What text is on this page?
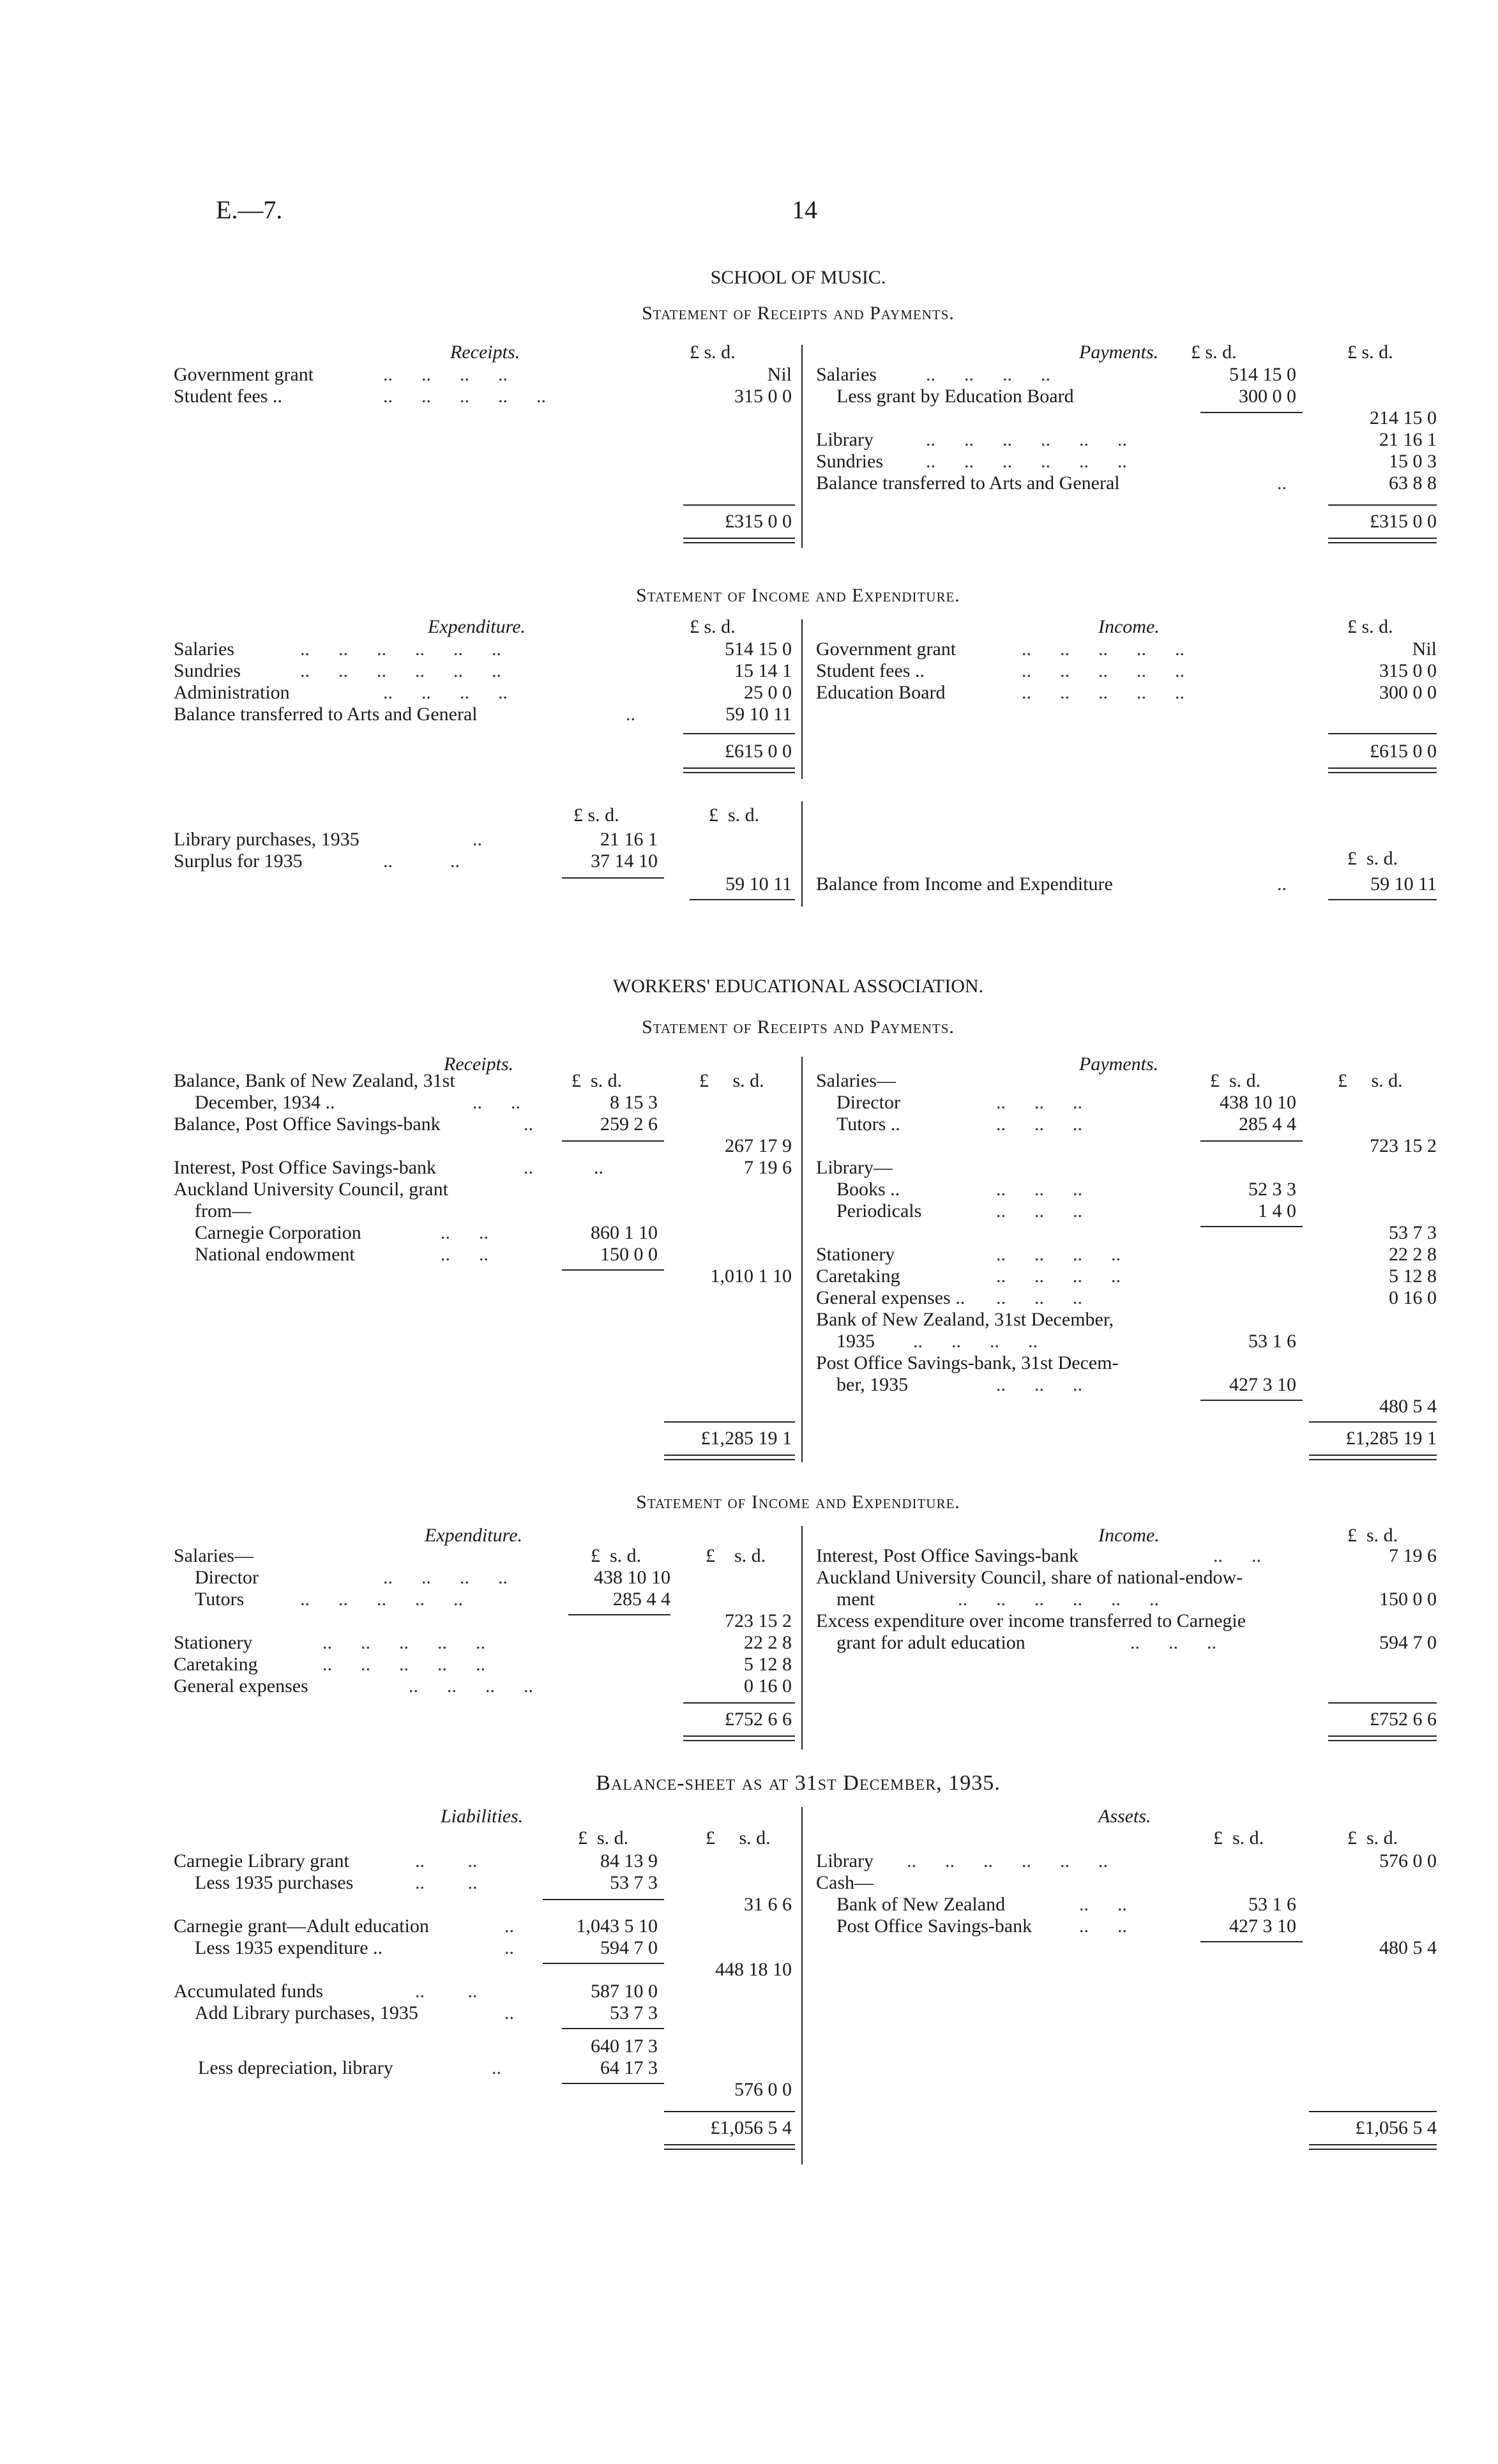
E.—7.	14
SCHOOL OF MUSIC.
Statement of Receipts and Payments.
Receipts.	£ s. d.	Payments. £ s. d.	£ s. d.
Government grant	..      ..      ..      ..	Nil
Student fees ..	..      ..      ..      ..      ..	315 0 0
Salaries	..      ..      ..      ..	514 15 0
Less grant by Education Board	300 0 0
214 15 0
Library	..      ..      ..      ..      ..      ..	21 16 1
Sundries ..      ..      ..      ..      ..      ..	15 0 3
Balance transferred to Arts and General	..	63 8 8
£315 0 0	£315 0 0
Statement of Income and Expenditure.
Expenditure.	£ s. d.	Income.	£ s. d.
Salaries	..      ..      ..      ..      ..      ..	514 15 0
Sundries	..      ..      ..      ..      ..      ..	15 14 1
Administration	..      ..      ..      ..	25 0 0
Balance transferred to Arts and General	..	59 10 11
Government grant	..      ..      ..      ..      ..	Nil
Student fees ..	..      ..      ..      ..      ..	315 0 0
Education Board	..      ..      ..      ..      ..	300 0 0
£615 0 0	£615 0 0
£ s. d.	£  s. d.
Library purchases, 1935	..	21 16 1
Surplus for 1935	..            ..	37 14 10
59 10 11
£  s. d.
Balance from Income and Expenditure	..	59 10 11
WORKERS' EDUCATIONAL ASSOCIATION.
Statement of Receipts and Payments.
Receipts.	Payments.
£  s. d.	£     s. d.	£  s. d.	£     s. d.
Balance, Bank of New Zealand, 31st
December, 1934 ..	..      ..	8 15 3
Balance, Post Office Savings-bank	..	259 2 6
267 17 9
Interest, Post Office Savings-bank	..	..	7 19 6
Auckland University Council, grant
from—
Carnegie Corporation	..      ..	860 1 10
National endowment	..      ..	150 0 0
1,010 1 10
Salaries—
Director	..      ..      ..	438 10 10
Tutors ..	..      ..      ..	285 4 4
723 15 2
Library—
Books ..	..      ..      ..	52 3 3
Periodicals	..      ..      ..	1 4 0
53 7 3
Stationery	..      ..      ..      ..	22 2 8
Caretaking	..      ..      ..      ..	5 12 8
General expenses .. ..      ..      ..	0 16 0
Bank of New Zealand, 31st December,
1935 ..      ..      ..      ..	53 1 6
Post Office Savings-bank, 31st Decem-
ber, 1935	..      ..      ..	427 3 10
480 5 4
£1,285 19 1	£1,285 19 1
Statement of Income and Expenditure.
Expenditure.	Income.	£  s. d.
£  s. d.	£    s. d.
Salaries—
Director	..      ..      ..      ..	438 10 10
Tutors	..      ..      ..      ..      ..	285 4 4
723 15 2
Stationery	..      ..      ..      ..      ..	22 2 8
Caretaking	..      ..      ..      ..      ..	5 12 8
General expenses	..      ..      ..      ..	0 16 0
Interest, Post Office Savings-bank	..      ..	7 19 6
Auckland University Council, share of national-endow-
ment	..      ..      ..      ..      ..      ..	150 0 0
Excess expenditure over income transferred to Carnegie
grant for adult education	..      ..      ..	594 7 0
£752 6 6	£752 6 6
Balance-sheet as at 31st December, 1935.
Liabilities.	Assets.
£  s. d.	£     s. d.	£  s. d.	£  s. d.
Carnegie Library grant	..         ..	84 13 9
Less 1935 purchases	..         ..	53 7 3
31 6 6
Carnegie grant—Adult education	..	1,043 5 10
Less 1935 expenditure ..	..	594 7 0
448 18 10
Accumulated funds	..         ..	587 10 0
Add Library purchases, 1935	..	53 7 3
640 17 3
Less depreciation, library	..	64 17 3
576 0 0
Library ..      ..      ..      ..      ..      ..	576 0 0
Cash—
Bank of New Zealand	..      ..	53 1 6
Post Office Savings-bank ..      ..	427 3 10
480 5 4
£1,056 5 4	£1,056 5 4
